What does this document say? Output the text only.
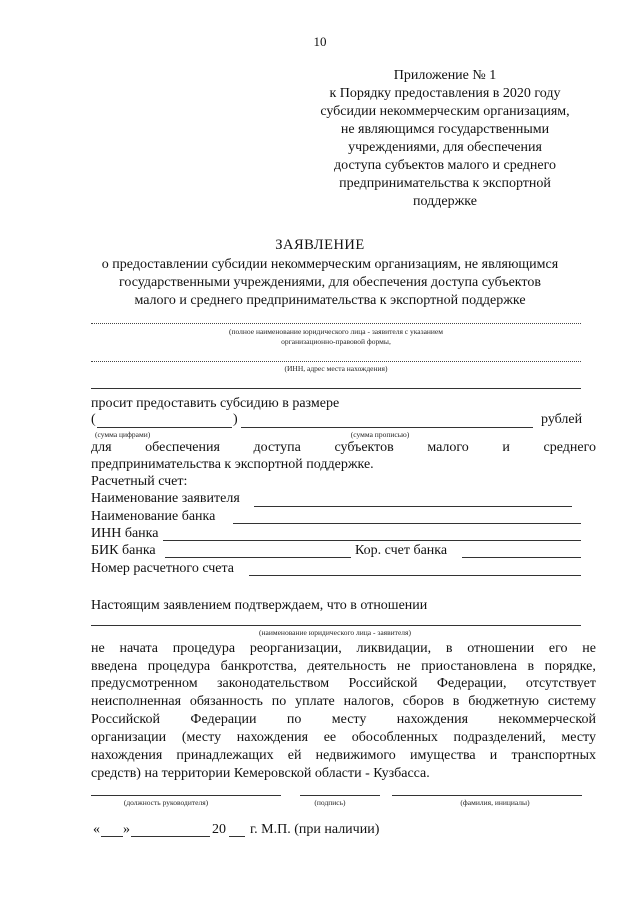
10
Приложение № 1
к Порядку предоставления в 2020 году
субсидии некоммерческим организациям,
не являющимся государственными
учреждениями, для обеспечения
доступа субъектов малого и среднего
предпринимательства к экспортной
поддержке
ЗАЯВЛЕНИЕ
о предоставлении субсидии некоммерческим организациям, не являющимся
государственными учреждениями, для обеспечения доступа субъектов
малого и среднего предпринимательства к экспортной поддержке
(полное наименование юридического лица - заявителя с указанием
организационно-правовой формы,
(ИНН, адрес места нахождения)
просит предоставить субсидию в размере
(	)	рублей
(сумма цифрами)	(сумма прописью)
для обеспечения доступа субъектов малого и среднего
предпринимательства к экспортной поддержке.
Расчетный счет:
Наименование заявителя
Наименование банка
ИНН банка
БИК банка	Кор. счет банка
Номер расчетного счета
Настоящим заявлением подтверждаем, что в отношении
(наименование юридического лица - заявителя)
не начата процедура реорганизации, ликвидации, в отношении его не
введена процедура банкротства, деятельность не приостановлена в порядке,
предусмотренном законодательством Российской Федерации, отсутствует
неисполненная обязанность по уплате налогов, сборов в бюджетную систему
Российской Федерации по месту нахождения некоммерческой
организации (месту нахождения ее обособленных подразделений, месту
нахождения принадлежащих ей недвижимого имущества и транспортных
средств) на территории Кемеровской области - Кузбасса.
(должность руководителя)	(подпись)	(фамилия, инициалы)
« »	20 г. М.П. (при наличии)
